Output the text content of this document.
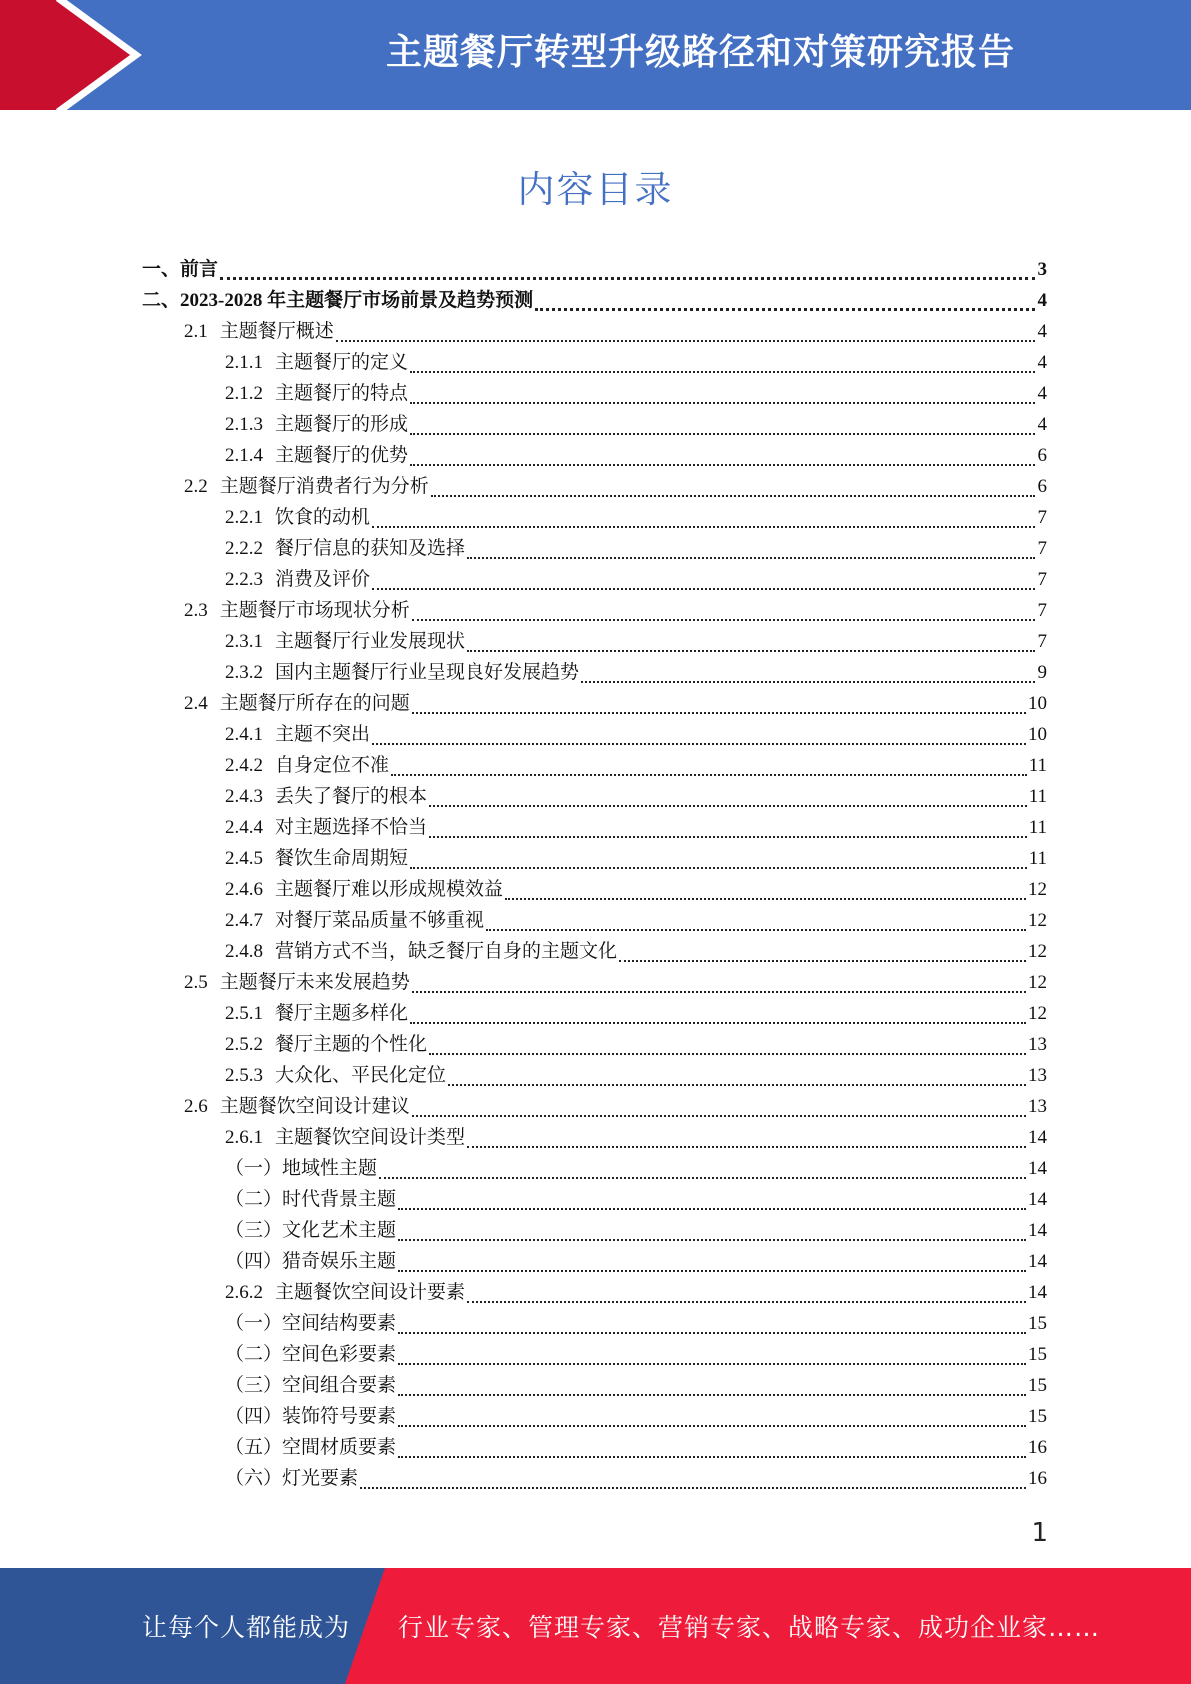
主题餐厅转型升级路径和对策研究报告
内容目录
一、前言	3
二、2023-2028 年主题餐厅市场前景及趋势预测	4
2.1 主题餐厅概述	4
2.1.1 主题餐厅的定义	4
2.1.2 主题餐厅的特点	4
2.1.3 主题餐厅的形成	4
2.1.4 主题餐厅的优势	6
2.2 主题餐厅消费者行为分析	6
2.2.1 饮食的动机	7
2.2.2 餐厅信息的获知及选择	7
2.2.3 消费及评价	7
2.3 主题餐厅市场现状分析	7
2.3.1 主题餐厅行业发展现状	7
2.3.2 国内主题餐厅行业呈现良好发展趋势	9
2.4 主题餐厅所存在的问题	10
2.4.1 主题不突出	10
2.4.2 自身定位不准	11
2.4.3 丢失了餐厅的根本	11
2.4.4 对主题选择不恰当	11
2.4.5 餐饮生命周期短	11
2.4.6 主题餐厅难以形成规模效益	12
2.4.7 对餐厅菜品质量不够重视	12
2.4.8 营销方式不当，缺乏餐厅自身的主题文化	12
2.5 主题餐厅未来发展趋势	12
2.5.1 餐厅主题多样化	12
2.5.2 餐厅主题的个性化	13
2.5.3 大众化、平民化定位	13
2.6 主题餐饮空间设计建议	13
2.6.1 主题餐饮空间设计类型	14
（一）地域性主题	14
（二）时代背景主题	14
（三）文化艺术主题	14
（四）猎奇娱乐主题	14
2.6.2 主题餐饮空间设计要素	14
（一）空间结构要素	15
（二）空间色彩要素	15
（三）空间组合要素	15
（四）装饰符号要素	15
（五）空間材质要素	16
（六）灯光要素	16
1
让每个人都能成为 行业专家、管理专家、营销专家、战略专家、成功企业家……
